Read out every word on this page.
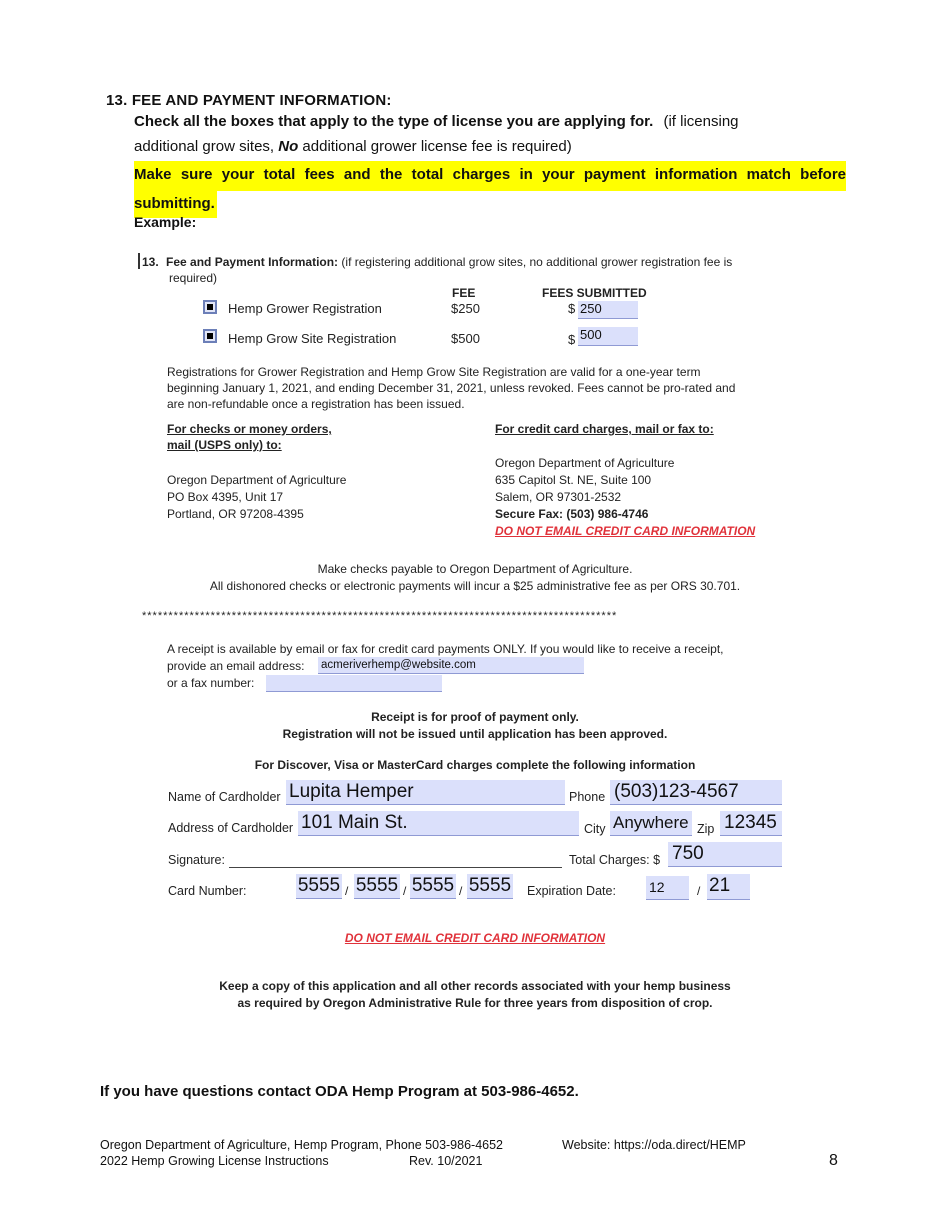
13. FEE AND PAYMENT INFORMATION:
Check all the boxes that apply to the type of license you are applying for. (if licensing
additional grow sites, No additional grower license fee is required)
Make sure your total fees and the total charges in your payment information match before
submitting.
Example:
13. Fee and Payment Information: (if registering additional grow sites, no additional grower registration fee is
required)
FEE	FEES SUBMITTED
Hemp Grower Registration	$250	$ 250
Hemp Grow Site Registration	$500	$ 500
Registrations for Grower Registration and Hemp Grow Site Registration are valid for a one-year term
beginning January 1, 2021, and ending December 31, 2021, unless revoked. Fees cannot be pro-rated and
are non-refundable once a registration has been issued.
For checks or money orders,
mail (USPS only) to:
Oregon Department of Agriculture
PO Box 4395, Unit 17
Portland, OR 97208-4395
For credit card charges, mail or fax to:
Oregon Department of Agriculture
635 Capitol St. NE, Suite 100
Salem, OR 97301-2532
Secure Fax: (503) 986-4746
DO NOT EMAIL CREDIT CARD INFORMATION
Make checks payable to Oregon Department of Agriculture.
All dishonored checks or electronic payments will incur a $25 administrative fee as per ORS 30.701.
******************************************************************************************
A receipt is available by email or fax for credit card payments ONLY. If you would like to receive a receipt,
provide an email address: acmeriverhemp@website.com
or a fax number:
Receipt is for proof of payment only.
Registration will not be issued until application has been approved.
For Discover, Visa or MasterCard charges complete the following information
Name of Cardholder Lupita Hemper	Phone (503)123-4567
Address of Cardholder 101 Main St.	City Anywhere Zip 12345
Signature:	Total Charges: $ 750
Card Number:	5555 / 5555 / 5555 / 5555 Expiration Date: 12	/ 21
DO NOT EMAIL CREDIT CARD INFORMATION
Keep a copy of this application and all other records associated with your hemp business
as required by Oregon Administrative Rule for three years from disposition of crop.
If you have questions contact ODA Hemp Program at 503-986-4652.
Oregon Department of Agriculture, Hemp Program, Phone 503-986-4652
2022 Hemp Growing License Instructions	Rev. 10/2021
Website: https://oda.direct/HEMP
8
